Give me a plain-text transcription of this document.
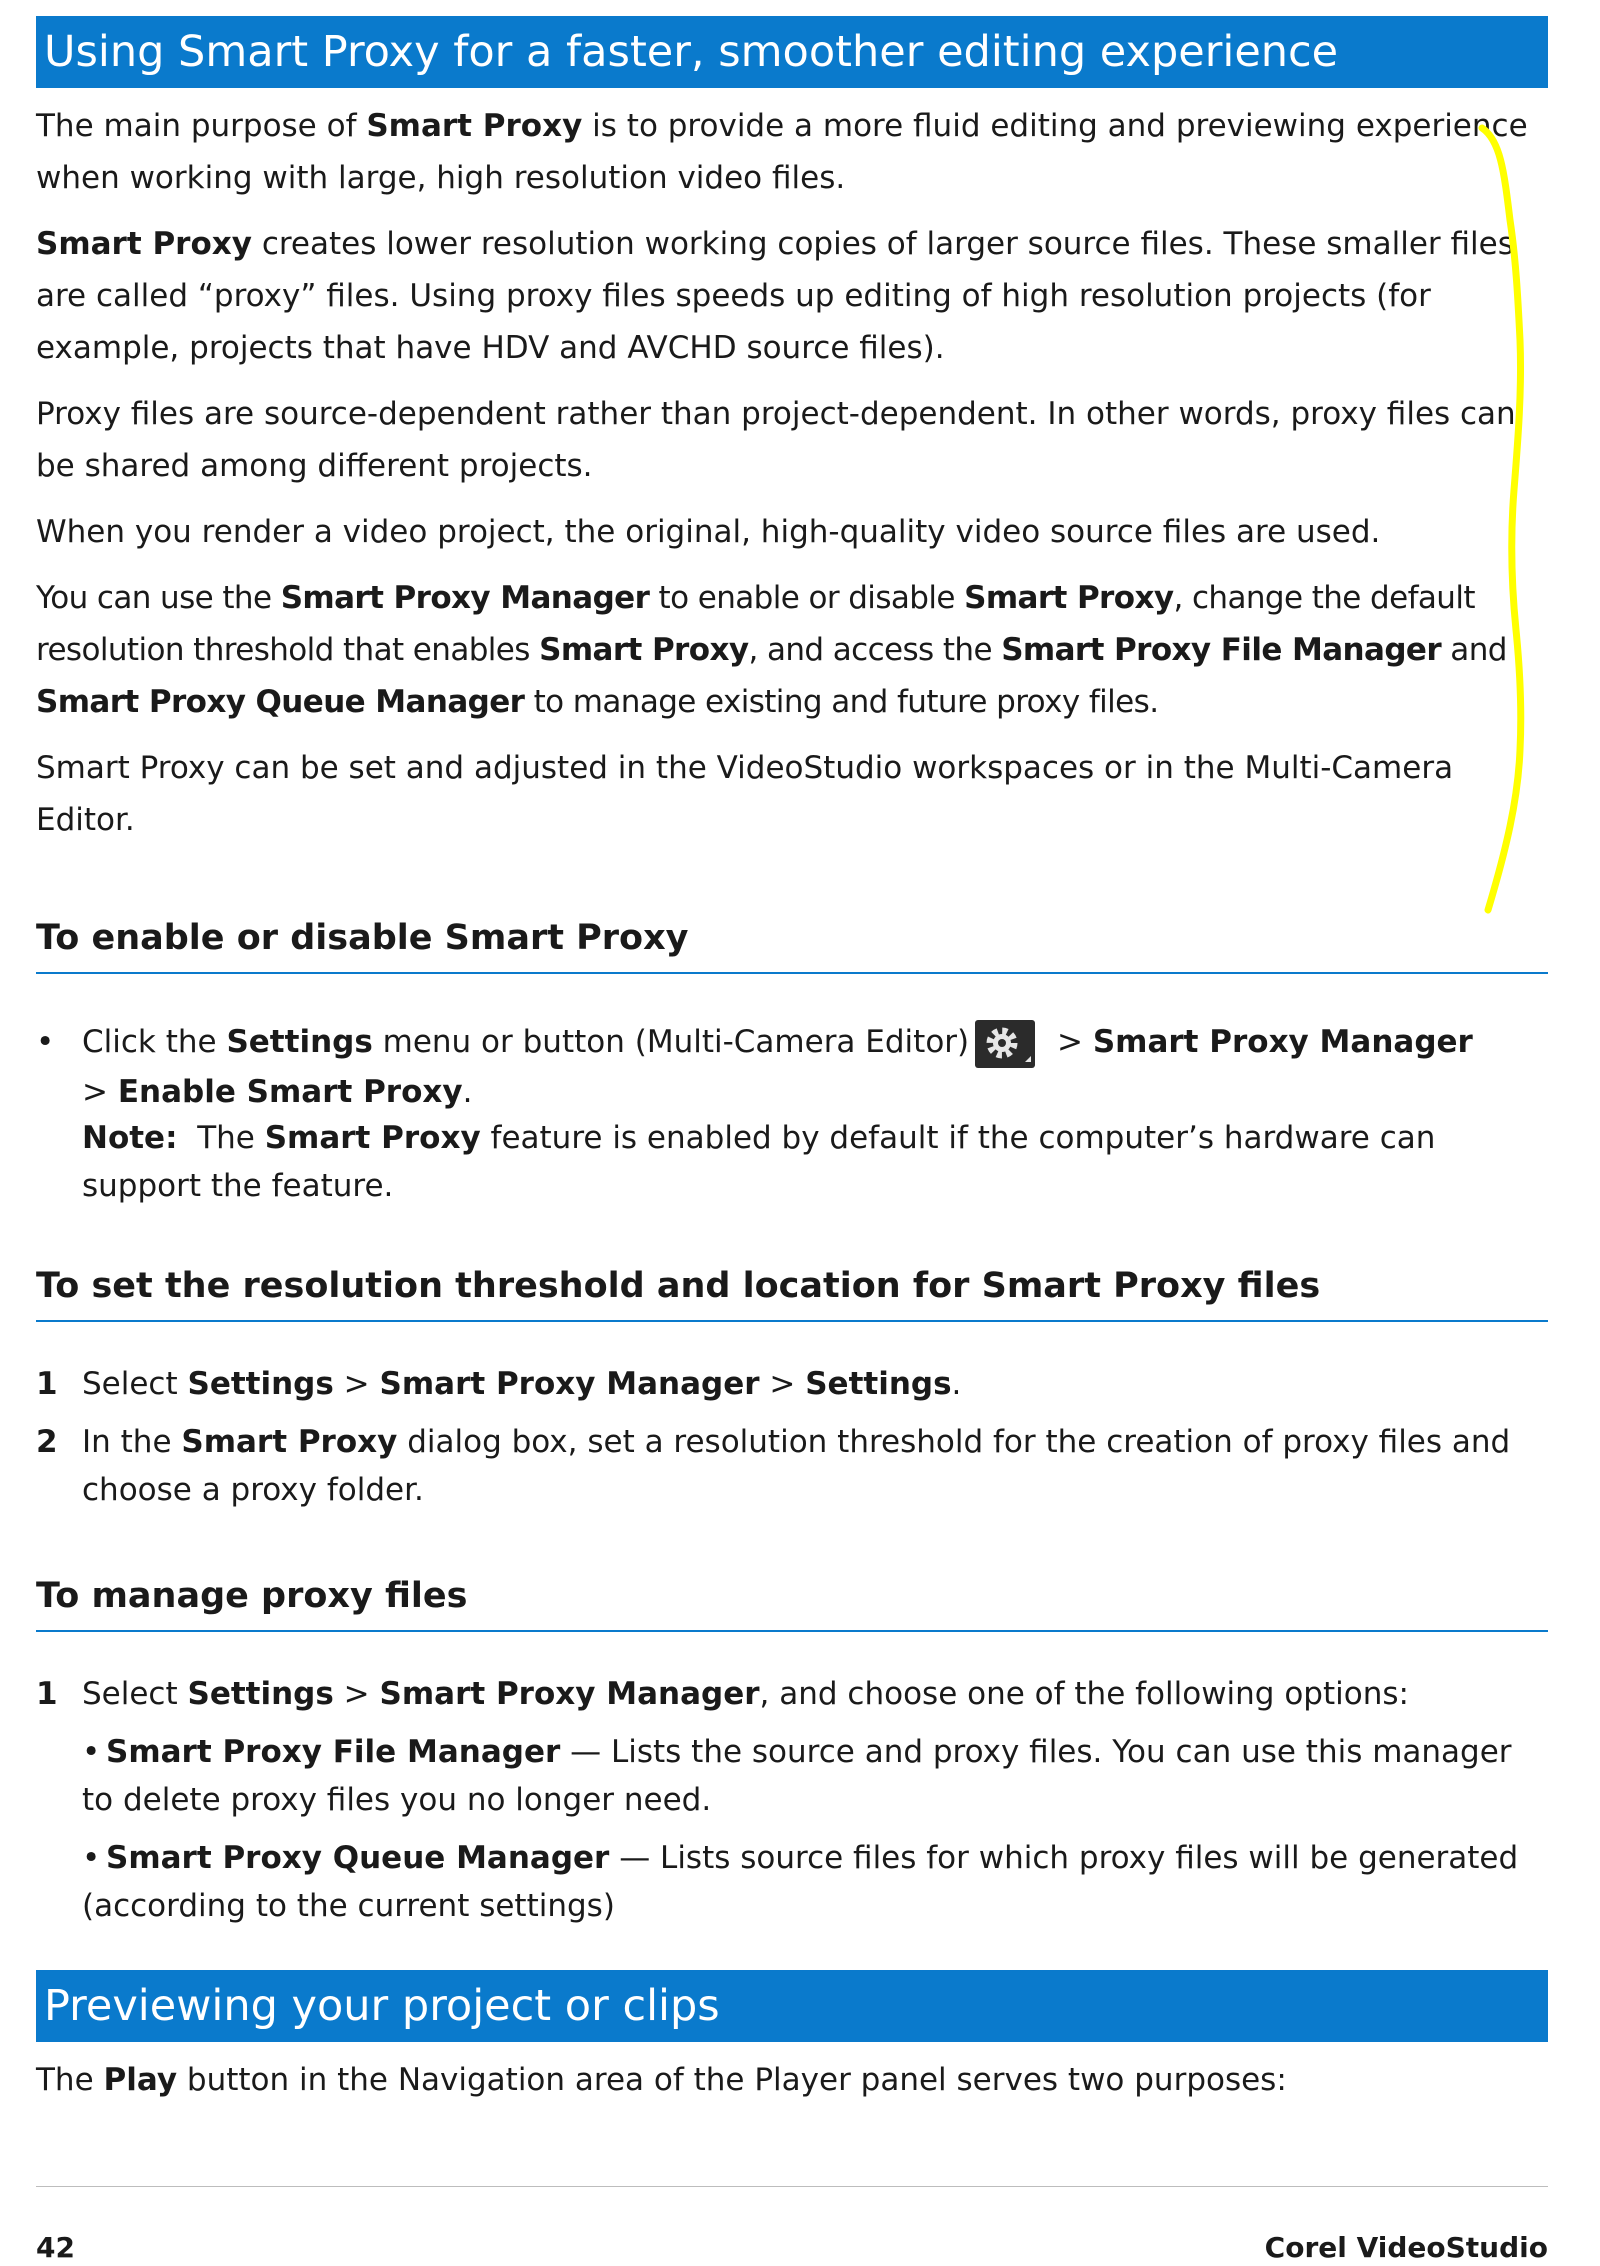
Using Smart Proxy for a faster, smoother editing experience

The main purpose of Smart Proxy is to provide a more fluid editing and previewing experience when working with large, high resolution video files.

Smart Proxy creates lower resolution working copies of larger source files. These smaller files are called “proxy” files. Using proxy files speeds up editing of high resolution projects (for example, projects that have HDV and AVCHD source files).

Proxy files are source-dependent rather than project-dependent. In other words, proxy files can be shared among different projects.

When you render a video project, the original, high-quality video source files are used.

You can use the Smart Proxy Manager to enable or disable Smart Proxy, change the default resolution threshold that enables Smart Proxy, and access the Smart Proxy File Manager and Smart Proxy Queue Manager to manage existing and future proxy files.

Smart Proxy can be set and adjusted in the VideoStudio workspaces or in the Multi-Camera Editor.

To enable or disable Smart Proxy
• Click the Settings menu or button (Multi-Camera Editor)	> Smart Proxy Manager
> Enable Smart Proxy.

Note: The Smart Proxy feature is enabled by default if the computer’s hardware can support the feature.

To set the resolution threshold and location for Smart Proxy files
1 Select Settings > Smart Proxy Manager > Settings.

2 In the Smart Proxy dialog box, set a resolution threshold for the creation of proxy files and choose a proxy folder.

To manage proxy files
1 Select Settings > Smart Proxy Manager, and choose one of the following options:

• Smart Proxy File Manager — Lists the source and proxy files. You can use this manager to delete proxy files you no longer need.

• Smart Proxy Queue Manager — Lists source files for which proxy files will be generated (according to the current settings)

Previewing your project or clips

The Play button in the Navigation area of the Player panel serves two purposes:

42	Corel VideoStudio
